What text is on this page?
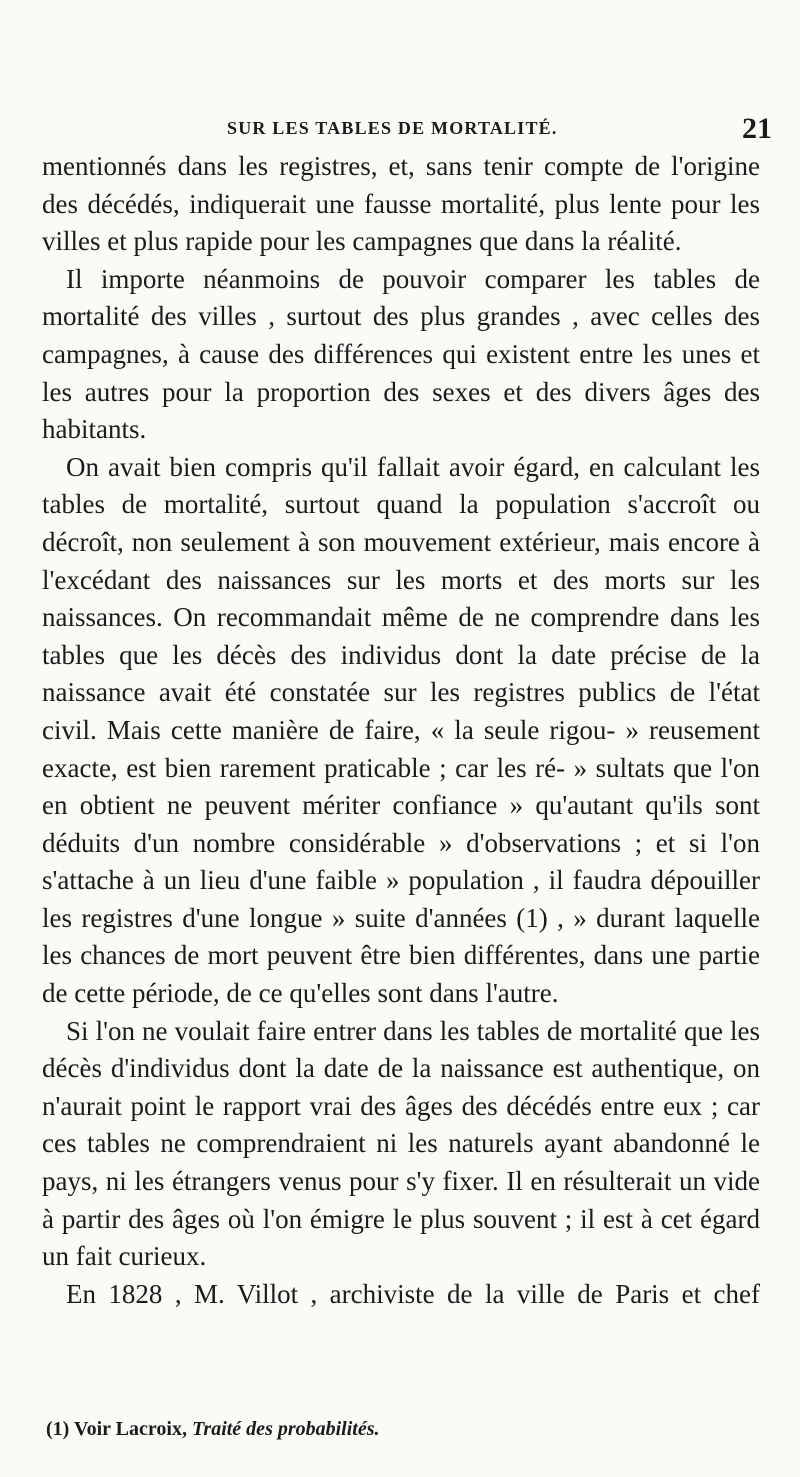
SUR LES TABLES DE MORTALITÉ.	21

mentionnés dans les registres, et, sans tenir compte de l'origine des décédés, indiquerait une fausse mortalité, plus lente pour les villes et plus rapide pour les campagnes que dans la réalité.

Il importe néanmoins de pouvoir comparer les tables de mortalité des villes , surtout des plus grandes , avec celles des campagnes, à cause des différences qui existent entre les unes et les autres pour la proportion des sexes et des divers âges des habitants.

On avait bien compris qu'il fallait avoir égard, en calculant les tables de mortalité, surtout quand la population s'accroît ou décroît, non seulement à son mouvement extérieur, mais encore à l'excédant des naissances sur les morts et des morts sur les naissances. On recommandait même de ne comprendre dans les tables que les décès des individus dont la date précise de la naissance avait été constatée sur les registres publics de l'état civil. Mais cette manière de faire, « la seule rigou- » reusement exacte, est bien rarement praticable ; car les ré- » sultats que l'on en obtient ne peuvent mériter confiance » qu'autant qu'ils sont déduits d'un nombre considérable » d'observations ; et si l'on s'attache à un lieu d'une faible » population , il faudra dépouiller les registres d'une longue » suite d'années (1) , » durant laquelle les chances de mort peuvent être bien différentes, dans une partie de cette période, de ce qu'elles sont dans l'autre.

Si l'on ne voulait faire entrer dans les tables de mortalité que les décès d'individus dont la date de la naissance est authentique, on n'aurait point le rapport vrai des âges des décédés entre eux ; car ces tables ne comprendraient ni les naturels ayant abandonné le pays, ni les étrangers venus pour s'y fixer. Il en résulterait un vide à partir des âges où l'on émigre le plus souvent ; il est à cet égard un fait curieux.

En 1828 , M. Villot , archiviste de la ville de Paris et chef

(1) Voir Lacroix, Traité des probabilités.
